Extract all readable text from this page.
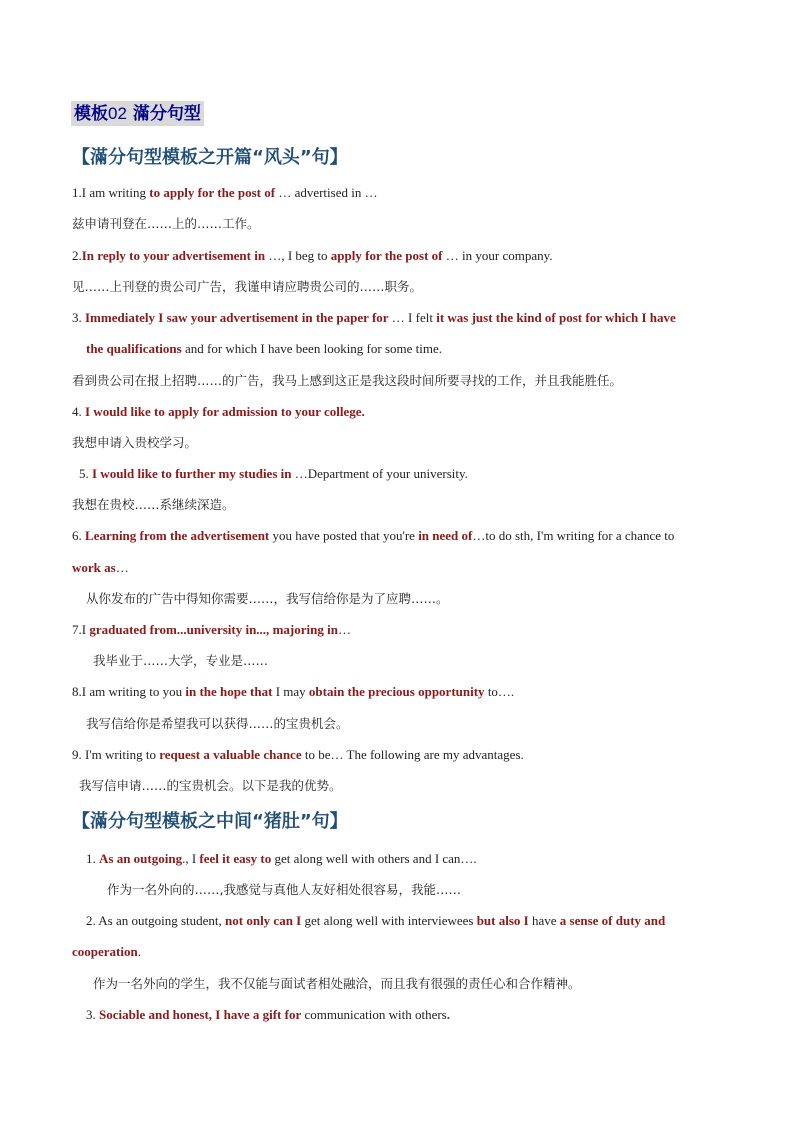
模板02 滿分句型
【滿分句型模板之开篇“风头”句】
1.I am writing to apply for the post of … advertised in …
兹申请刊登在……上的……工作。
2.In reply to your advertisement in …, I beg to apply for the post of … in your company.
见……上刊登的贵公司广告，我谨申请应聘贵公司的……职务。
3. Immediately I saw your advertisement in the paper for … I felt it was just the kind of post for which I have
the qualifications and for which I have been looking for some time.
看到贵公司在报上招聘……的广告，我马上感到这正是我这段时间所要寻找的工作，并且我能胜任。
4. I would like to apply for admission to your college.
我想申请入贵校学习。
5. I would like to further my studies in …Department of your university.
我想在贵校……系继续深造。
6. Learning from the advertisement you have posted that you're in need of…to do sth, I'm writing for a chance to
work as…
从你发布的广告中得知你需要……，我写信给你是为了应聘……。
7.I graduated from...university in..., majoring in…
我毕业于……大学，专业是……
8.I am writing to you in the hope that I may obtain the precious opportunity to….
我写信给你是希望我可以获得……的宝贵机会。
9. I'm writing to request a valuable chance to be… The following are my advantages.
我写信申请……的宝贵机会。以下是我的优势。
【滿分句型模板之中间“猪肚”句】
1. As an outgoing., I feel it easy to get along well with others and I can….
作为一名外向的……,我感觉与真他人友好相处很容易，我能……
2. As an outgoing student, not only can I get along well with interviewees but also I have a sense of duty and
cooperation.
作为一名外向的学生，我不仅能与面试者相处融洽，而且我有很强的责任心和合作精神。
3. Sociable and honest, I have a gift for communication with others.
